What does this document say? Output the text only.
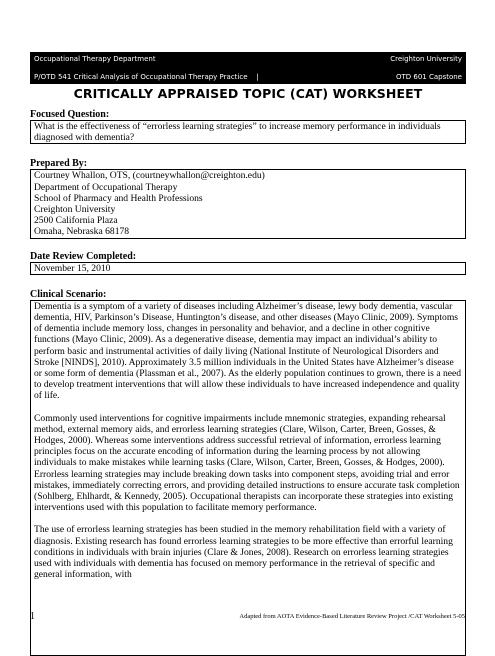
Occupational Therapy Department	Creighton University
P/OTD 541 Critical Analysis of Occupational Therapy Practice |	OTD 601 Capstone
CRITICALLY APPRAISED TOPIC (CAT) WORKSHEET
Focused Question:

What is the effectiveness of “errorless learning strategies” to increase memory performance in individuals diagnosed with dementia?

Prepared By:
Courtney Whallon, OTS, (courtneywhallon@creighton.edu)
Department of Occupational Therapy
School of Pharmacy and Health Professions
Creighton University
2500 California Plaza
Omaha, Nebraska 68178
Date Review Completed:

November 15, 2010

Clinical Scenario:

Dementia is a symptom of a variety of diseases including Alzheimer’s disease, lewy body dementia, vascular dementia, HIV, Parkinson’s Disease, Huntington’s disease, and other diseases (Mayo Clinic, 2009). Symptoms of dementia include memory loss, changes in personality and behavior, and a decline in other cognitive functions (Mayo Clinic, 2009). As a degenerative disease, dementia may impact an individual’s ability to perform basic and instrumental activities of daily living (National Institute of Neurological Disorders and Stroke [NINDS], 2010). Approximately 3.5 million individuals in the United States have Alzheimer’s disease or some form of dementia (Plassman et al., 2007). As the elderly population continues to grown, there is a need to develop treatment interventions that will allow these individuals to have increased independence and quality of life.

Commonly used interventions for cognitive impairments include mnemonic strategies, expanding rehearsal method, external memory aids, and errorless learning strategies (Clare, Wilson, Carter, Breen, Gosses, & Hodges, 2000). Whereas some interventions address successful retrieval of information, errorless learning principles focus on the accurate encoding of information during the learning process by not allowing individuals to make mistakes while learning tasks (Clare, Wilson, Carter, Breen, Gosses, & Hodges, 2000). Errorless learning strategies may include breaking down tasks into component steps, avoiding trial and error mistakes, immediately correcting errors, and providing detailed instructions to ensure accurate task completion (Sohlberg, Ehlhardt, & Kennedy, 2005). Occupational therapists can incorporate these strategies into existing interventions used with this population to facilitate memory performance.

The use of errorless learning strategies has been studied in the memory rehabilitation field with a variety of diagnosis. Existing research has found errorless learning strategies to be more effective than errorful learning conditions in individuals with brain injuries (Clare & Jones, 2008). Research on errorless learning strategies used with individuals with dementia has focused on memory performance in the retrieval of specific and general information, with

1	Adapted from AOTA Evidence-Based Literature Review Project /CAT Worksheet 5-05
